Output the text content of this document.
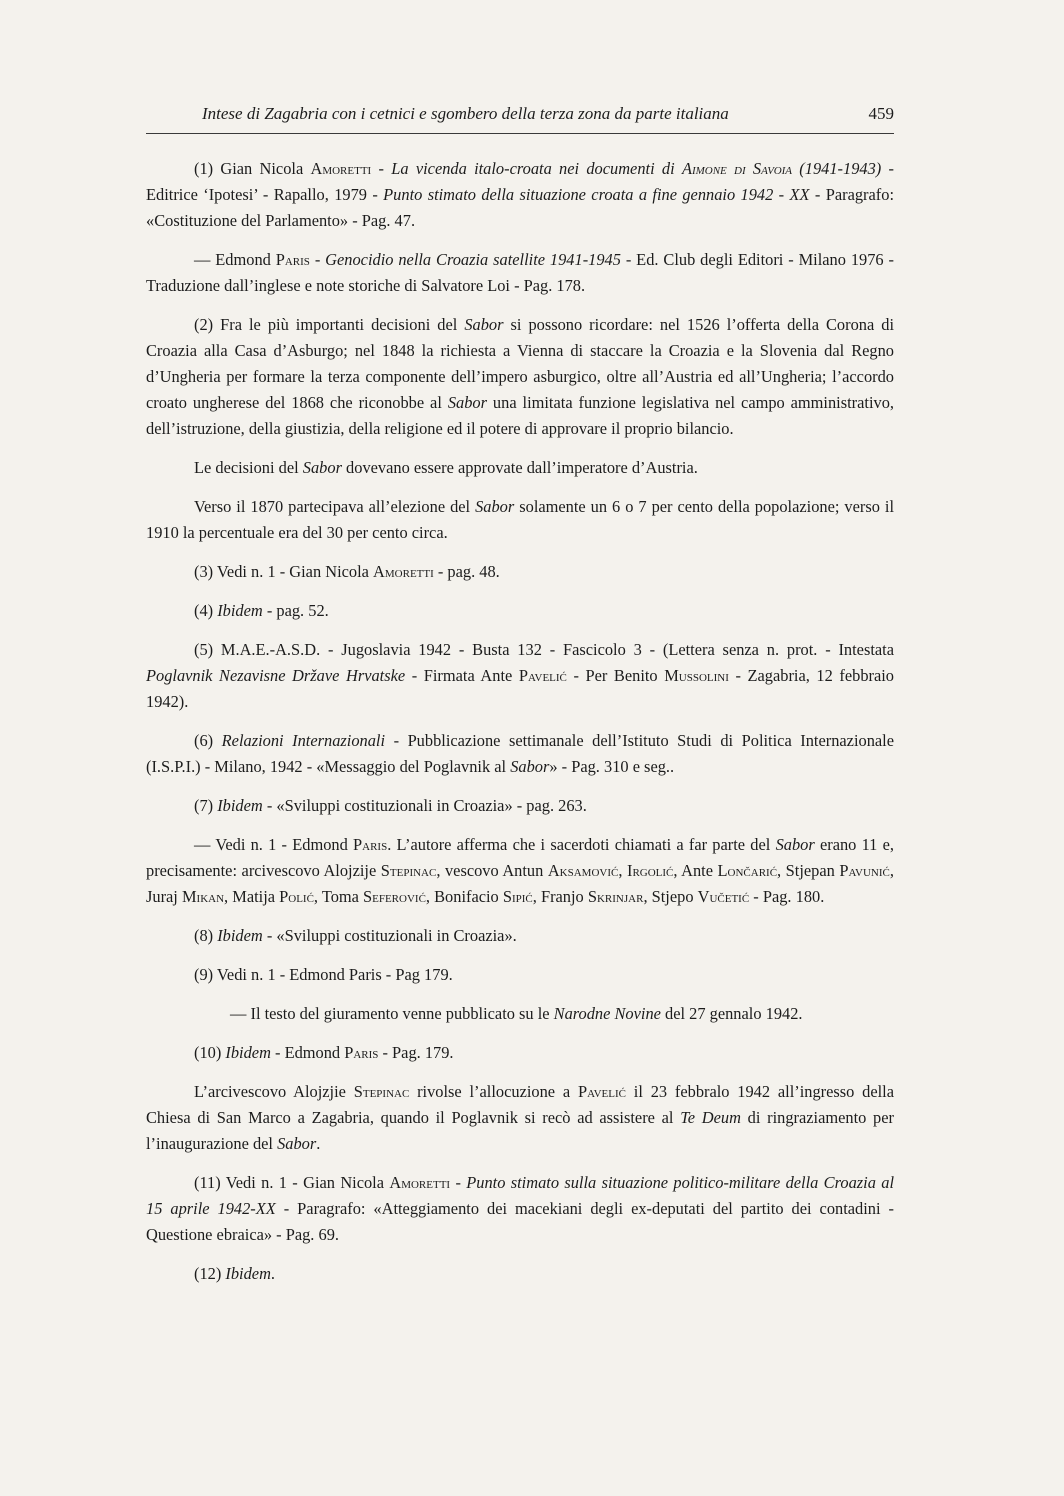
Intese di Zagabria con i cetnici e sgombero della terza zona da parte italiana	459

(1) Gian Nicola Amoretti - La vicenda italo-croata nei documenti di Aimone di Savoia (1941-1943) - Editrice ‘Ipotesi’ - Rapallo, 1979 - Punto stimato della situazione croata a fine gennaio 1942 - XX - Paragrafo: «Costituzione del Parlamento» - Pag. 47.

— Edmond Paris - Genocidio nella Croazia satellite 1941-1945 - Ed. Club degli Editori - Milano 1976 - Traduzione dall’inglese e note storiche di Salvatore Loi - Pag. 178.

(2) Fra le più importanti decisioni del Sabor si possono ricordare: nel 1526 l’offerta della Corona di Croazia alla Casa d’Asburgo; nel 1848 la richiesta a Vienna di staccare la Croazia e la Slovenia dal Regno d’Ungheria per formare la terza componente dell’impero asburgico, oltre all’Austria ed all’Ungheria; l’accordo croato ungherese del 1868 che riconobbe al Sabor una limitata funzione legislativa nel campo amministrativo, dell’istruzione, della giustizia, della religione ed il potere di approvare il proprio bilancio.

Le decisioni del Sabor dovevano essere approvate dall’imperatore d’Austria.

Verso il 1870 partecipava all’elezione del Sabor solamente un 6 o 7 per cento della popolazione; verso il 1910 la percentuale era del 30 per cento circa.

(3) Vedi n. 1 - Gian Nicola Amoretti - pag. 48.

(4) Ibidem - pag. 52.

(5) M.A.E.-A.S.D. - Jugoslavia 1942 - Busta 132 - Fascicolo 3 - (Lettera senza n. prot. - Intestata Poglavnik Nezavisne Države Hrvatske - Firmata Ante Pavelić - Per Benito Mussolini - Zagabria, 12 febbraio 1942).

(6) Relazioni Internazionali - Pubblicazione settimanale dell’Istituto Studi di Politica Internazionale (I.S.P.I.) - Milano, 1942 - «Messaggio del Poglavnik al Sabor» - Pag. 310 e seg..

(7) Ibidem - «Sviluppi costituzionali in Croazia» - pag. 263.

— Vedi n. 1 - Edmond Paris. L’autore afferma che i sacerdoti chiamati a far parte del Sabor erano 11 e, precisamente: arcivescovo Alojzije Stepinac, vescovo Antun Aksamović, Irgolić, Ante Lončarić, Stjepan Pavunić, Juraj Mikan, Matija Polić, Toma Seferović, Bonifacio Sipić, Franjo Skrinjar, Stjepo Vučetić - Pag. 180.

(8) Ibidem - «Sviluppi costituzionali in Croazia».

(9) Vedi n. 1 - Edmond Paris - Pag 179.

— Il testo del giuramento venne pubblicato su le Narodne Novine del 27 gennalo 1942.

(10) Ibidem - Edmond Paris - Pag. 179.

L’arcivescovo Alojzjie Stepinac rivolse l’allocuzione a Pavelić il 23 febbralo 1942 all’ingresso della Chiesa di San Marco a Zagabria, quando il Poglavnik si recò ad assistere al Te Deum di ringraziamento per l’inaugurazione del Sabor.

(11) Vedi n. 1 - Gian Nicola Amoretti - Punto stimato sulla situazione politico-militare della Croazia al 15 aprile 1942-XX - Paragrafo: «Atteggiamento dei macekiani degli ex-deputati del partito dei contadini - Questione ebraica» - Pag. 69.

(12) Ibidem.
